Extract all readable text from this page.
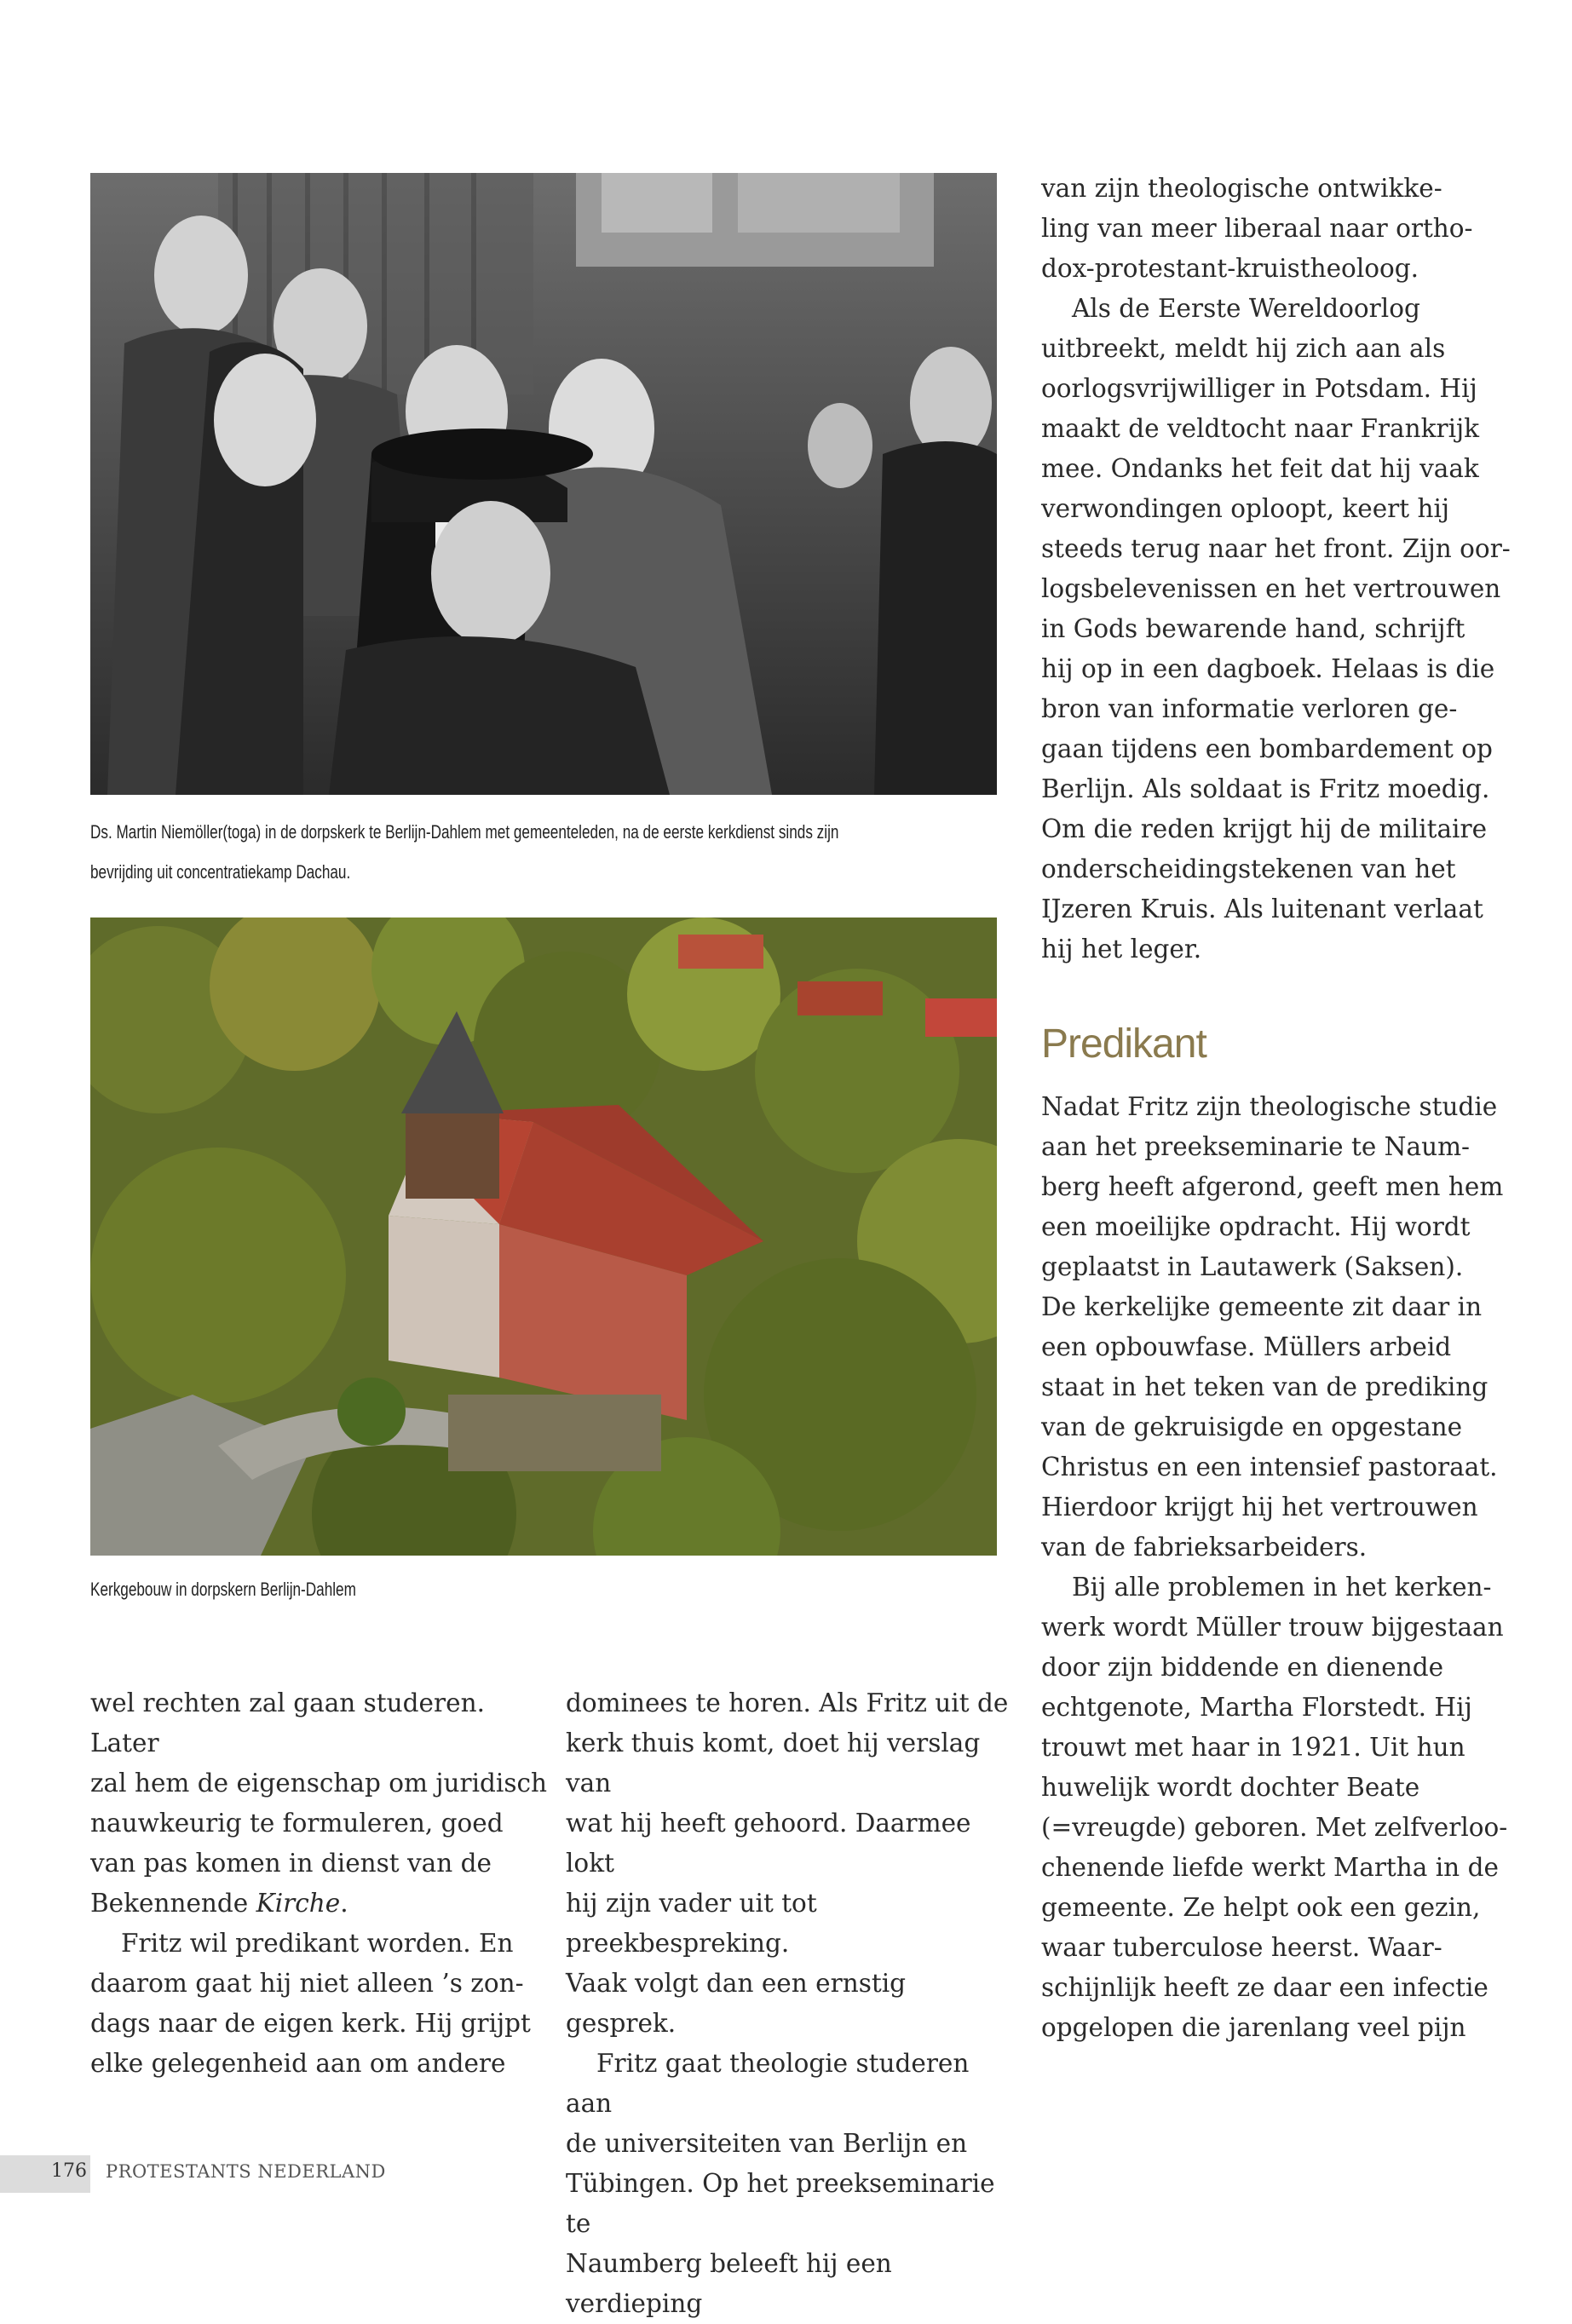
Ds. Martin Niemöller(toga) in de dorpskerk te Berlijn-Dahlem met gemeenteleden, na de eerste kerkdienst sinds zijn
bevrijding uit concentratiekamp Dachau.
Kerkgebouw in dorpskern Berlijn-Dahlem

wel rechten zal gaan studeren. Later

zal hem de eigenschap om juridisch

nauwkeurig te formuleren, goed

van pas komen in dienst van de

Bekennende Kirche.

Fritz wil predikant worden. En

daarom gaat hij niet alleen ’s zon-

dags naar de eigen kerk. Hij grijpt

elke gelegenheid aan om andere

dominees te horen. Als Fritz uit de

kerk thuis komt, doet hij verslag van

wat hij heeft gehoord. Daarmee lokt

hij zijn vader uit tot preekbespreking.

Vaak volgt dan een ernstig gesprek.

Fritz gaat theologie studeren aan

de universiteiten van Berlijn en

Tübingen. Op het preekseminarie te

Naumberg beleeft hij een verdieping

van zijn theologische ontwikke-

ling van meer liberaal naar ortho-

dox-protestant-kruistheoloog.

Als de Eerste Wereldoorlog

uitbreekt, meldt hij zich aan als

oorlogsvrijwilliger in Potsdam. Hij

maakt de veldtocht naar Frankrijk

mee. Ondanks het feit dat hij vaak

verwondingen oploopt, keert hij

steeds terug naar het front. Zijn oor-

logsbelevenissen en het vertrouwen

in Gods bewarende hand, schrijft

hij op in een dagboek. Helaas is die

bron van informatie verloren ge-

gaan tijdens een bombardement op

Berlijn. Als soldaat is Fritz moedig.

Om die reden krijgt hij de militaire

onderscheidingstekenen van het

IJzeren Kruis. Als luitenant verlaat

hij het leger.

Predikant

Nadat Fritz zijn theologische studie

aan het preekseminarie te Naum-

berg heeft afgerond, geeft men hem

een moeilijke opdracht. Hij wordt

geplaatst in Lautawerk (Saksen).

De kerkelijke gemeente zit daar in

een opbouwfase. Müllers arbeid

staat in het teken van de prediking

van de gekruisigde en opgestane

Christus en een intensief pastoraat.

Hierdoor krijgt hij het vertrouwen

van de fabrieksarbeiders.

Bij alle problemen in het kerken-

werk wordt Müller trouw bijgestaan

door zijn biddende en dienende

echtgenote, Martha Florstedt. Hij

trouwt met haar in 1921. Uit hun

huwelijk wordt dochter Beate

(=vreugde) geboren. Met zelfverloo-

chenende liefde werkt Martha in de

gemeente. Ze helpt ook een gezin,

waar tuberculose heerst. Waar-

schijnlijk heeft ze daar een infectie

opgelopen die jarenlang veel pijn

176 PROTESTANTS NEDERLAND
